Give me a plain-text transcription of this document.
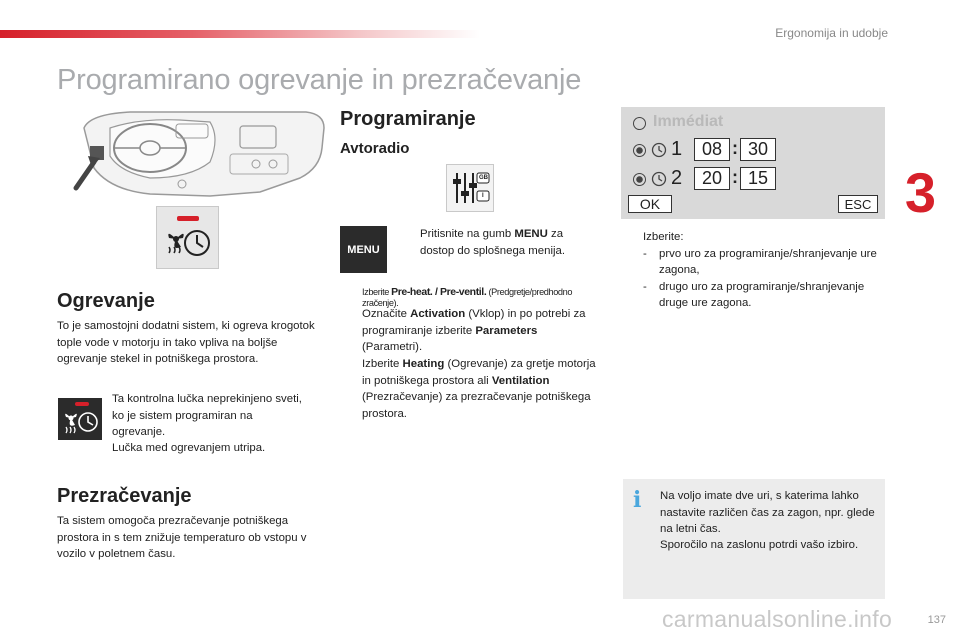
Ergonomija in udobje
3
137
Programirano ogrevanje in prezračevanje
Ogrevanje
To je samostojni dodatni sistem, ki ogreva krogotok tople vode v motorju in tako vpliva na boljše ogrevanje stekel in potniškega prostora.
Ta kontrolna lučka neprekinjeno sveti, ko je sistem programiran na ogrevanje.
Lučka med ogrevanjem utripa.
Prezračevanje
Ta sistem omogoča prezračevanje potniškega prostora in s tem znižuje temperaturo ob vstopu v vozilo v poletnem času.
Programiranje
Avtoradio
GB
I
MENU
Pritisnite na gumb MENU za dostop do splošnega menija.
Izberite Pre-heat. / Pre-ventil. (Predgretje/predhodno zračenje).
Označite Activation (Vklop) in po potrebi za programiranje izberite Parameters (Parametri).
Izberite Heating (Ogrevanje) za gretje motorja in potniškega prostora ali Ventilation (Prezračevanje) za prezračevanje potniškega prostora.
Immédiat
1	08 : 30
2	20 : 15
OK	ESC
Izberite:
- prvo uro za programiranje/shranjevanje ure zagona,
- drugo uro za programiranje/shranjevanje druge ure zagona.
i	Na voljo imate dve uri, s katerima lahko nastavite različen čas za zagon, npr. glede na letni čas.
Sporočilo na zaslonu potrdi vašo izbiro.
carmanualsonline.info
